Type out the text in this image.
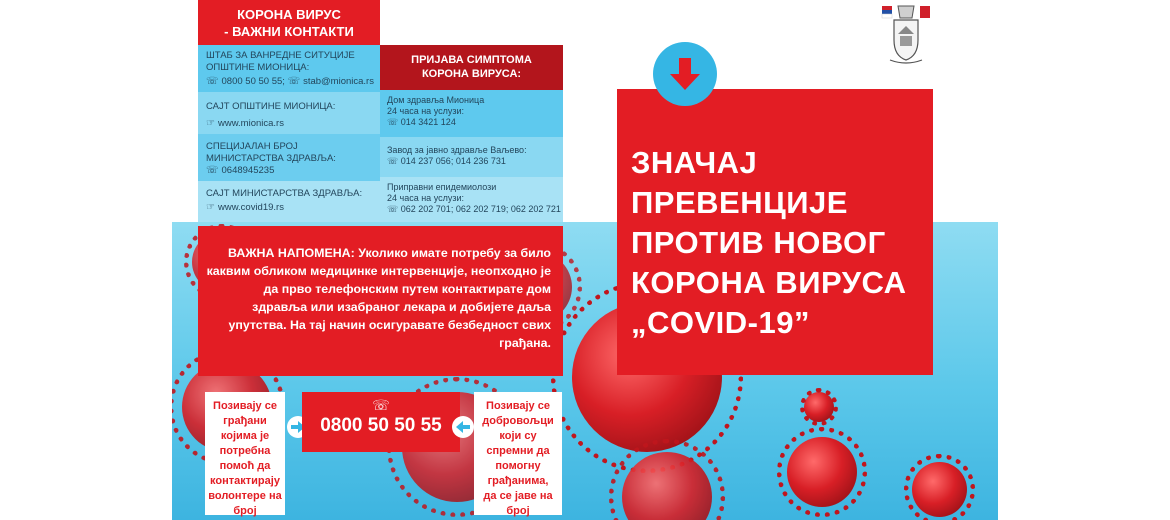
КОРОНА ВИРУС
- ВАЖНИ КОНТАКТИ
ШТАБ ЗА ВАНРЕДНЕ СИТУЦИЈЕ
ОПШТИНЕ МИОНИЦА:
☏ 0800 50 50 55; ☏ stab@mionica.rs
САЈТ ОПШТИНЕ МИОНИЦА:
☞ www.mionica.rs
СПЕЦИЈАЛАН БРОЈ
МИНИСТАРСТВА ЗДРАВЉА:
☏ 0648945235
САЈТ МИНИСТАРСТВА ЗДРАВЉА:
☞ www.covid19.rs
ПРИЈАВА СИМПТОМА
КОРОНА ВИРУСА:
Дом здравља Мионица
24 часа на услузи:
☏ 014 3421 124
Завод за јавно здравље Ваљево:
☏ 014 237 056; 014 236 731
Приправни епидемиолози
24 часа на услузи:
☏ 062 202 701; 062 202 719; 062 202 721
ВАЖНА НАПОМЕНА: Уколико имате потребу за било каквим обликом медицинке интервенције, неопходно је да прво телефонским путем контактирате дом здравља или изабраног лекара и добијете даља упутства. На тај начин осигуравате безбедност свих грађана.
Позивају се
грађани
којима је
потребна
помоћ да
контактирају
волонтере на
број
☏
0800 50 50 55
Позивају се
добровољци
који су
спремни да
помогну
грађанима,
да се јаве на
број
ЗНАЧАЈ
ПРЕВЕНЦИЈЕ
ПРОТИВ НОВОГ
КОРОНА ВИРУСА
„COVID-19”
